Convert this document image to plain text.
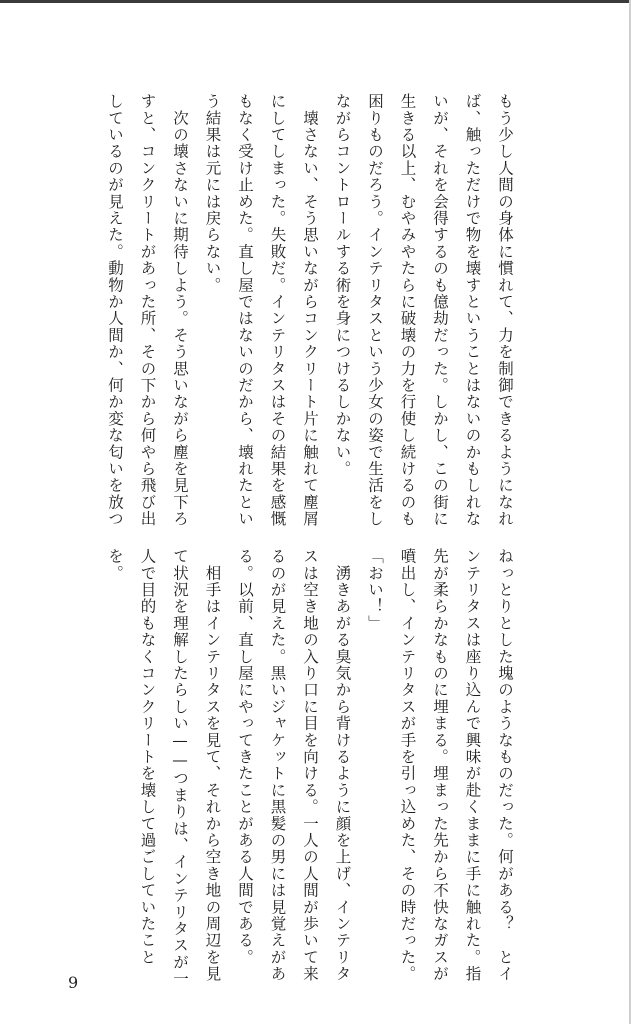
もう少し人間の身体に慣れて、力を制御できるようになれ
ば、触っただけで物を壊すということはないのかもしれな
いが、それを会得するのも億劫だった。しかし、この街に
生きる以上、むやみやたらに破壊の力を行使し続けるのも
困りものだろう。インテリタスという少女の姿で生活をし
ながらコントロールする術を身につけるしかない。
　壊さない、そう思いながらコンクリート片に触れて塵屑
にしてしまった。失敗だ。インテリタスはその結果を感慨
もなく受け止めた。直し屋ではないのだから、壊れたとい
う結果は元には戻らない。
　次の壊さないに期待しよう。そう思いながら塵を見下ろ
すと、コンクリートがあった所、その下から何やら飛び出
しているのが見えた。動物か人間か、何か変な匂いを放つ
ねっとりとした塊のようなものだった。何がある？　とイ
ンテリタスは座り込んで興味が赴くままに手に触れた。指
先が柔らかなものに埋まる。埋まった先から不快なガスが
噴出し、インテリタスが手を引っ込めた、その時だった。
「おい！」
　湧きあがる臭気から背けるように顔を上げ、インテリタ
スは空き地の入り口に目を向ける。一人の人間が歩いて来
るのが見えた。黒いジャケットに黒髪の男には見覚えがあ
る。以前、直し屋にやってきたことがある人間である。
　相手はインテリタスを見て、それから空き地の周辺を見
て状況を理解したらしい——つまりは、インテリタスが一
人で目的もなくコンクリートを壊して過ごしていたこと
を。
9
